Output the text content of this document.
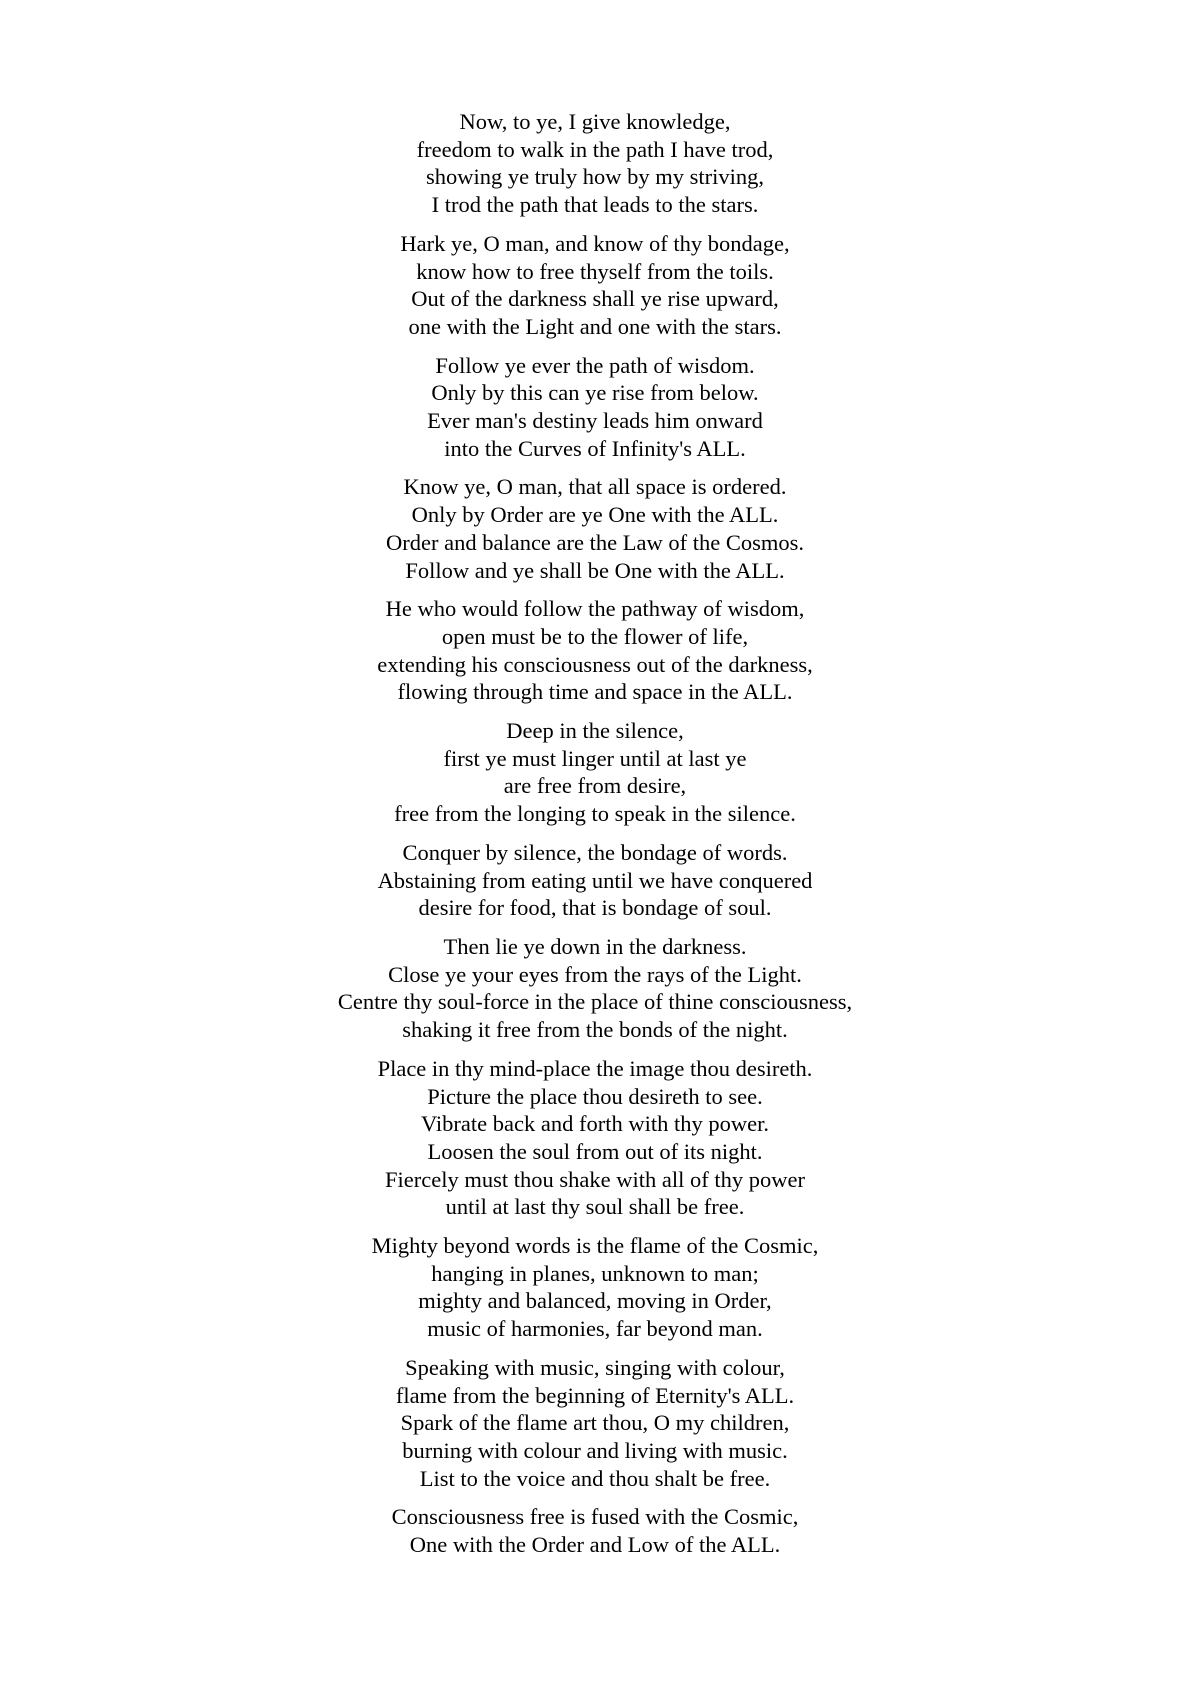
Now, to ye, I give knowledge,
freedom to walk in the path I have trod,
showing ye truly how by my striving,
I trod the path that leads to the stars.
Hark ye, O man, and know of thy bondage,
know how to free thyself from the toils.
Out of the darkness shall ye rise upward,
one with the Light and one with the stars.
Follow ye ever the path of wisdom.
Only by this can ye rise from below.
Ever man's destiny leads him onward
into the Curves of Infinity's ALL.
Know ye, O man, that all space is ordered.
Only by Order are ye One with the ALL.
Order and balance are the Law of the Cosmos.
Follow and ye shall be One with the ALL.
He who would follow the pathway of wisdom,
open must be to the flower of life,
extending his consciousness out of the darkness,
flowing through time and space in the ALL.
Deep in the silence,
first ye must linger until at last ye
are free from desire,
free from the longing to speak in the silence.
Conquer by silence, the bondage of words.
Abstaining from eating until we have conquered
desire for food, that is bondage of soul.
Then lie ye down in the darkness.
Close ye your eyes from the rays of the Light.
Centre thy soul-force in the place of thine consciousness,
shaking it free from the bonds of the night.
Place in thy mind-place the image thou desireth.
Picture the place thou desireth to see.
Vibrate back and forth with thy power.
Loosen the soul from out of its night.
Fiercely must thou shake with all of thy power
until at last thy soul shall be free.
Mighty beyond words is the flame of the Cosmic,
hanging in planes, unknown to man;
mighty and balanced, moving in Order,
music of harmonies, far beyond man.
Speaking with music, singing with colour,
flame from the beginning of Eternity's ALL.
Spark of the flame art thou, O my children,
burning with colour and living with music.
List to the voice and thou shalt be free.
Consciousness free is fused with the Cosmic,
One with the Order and Low of the ALL.
